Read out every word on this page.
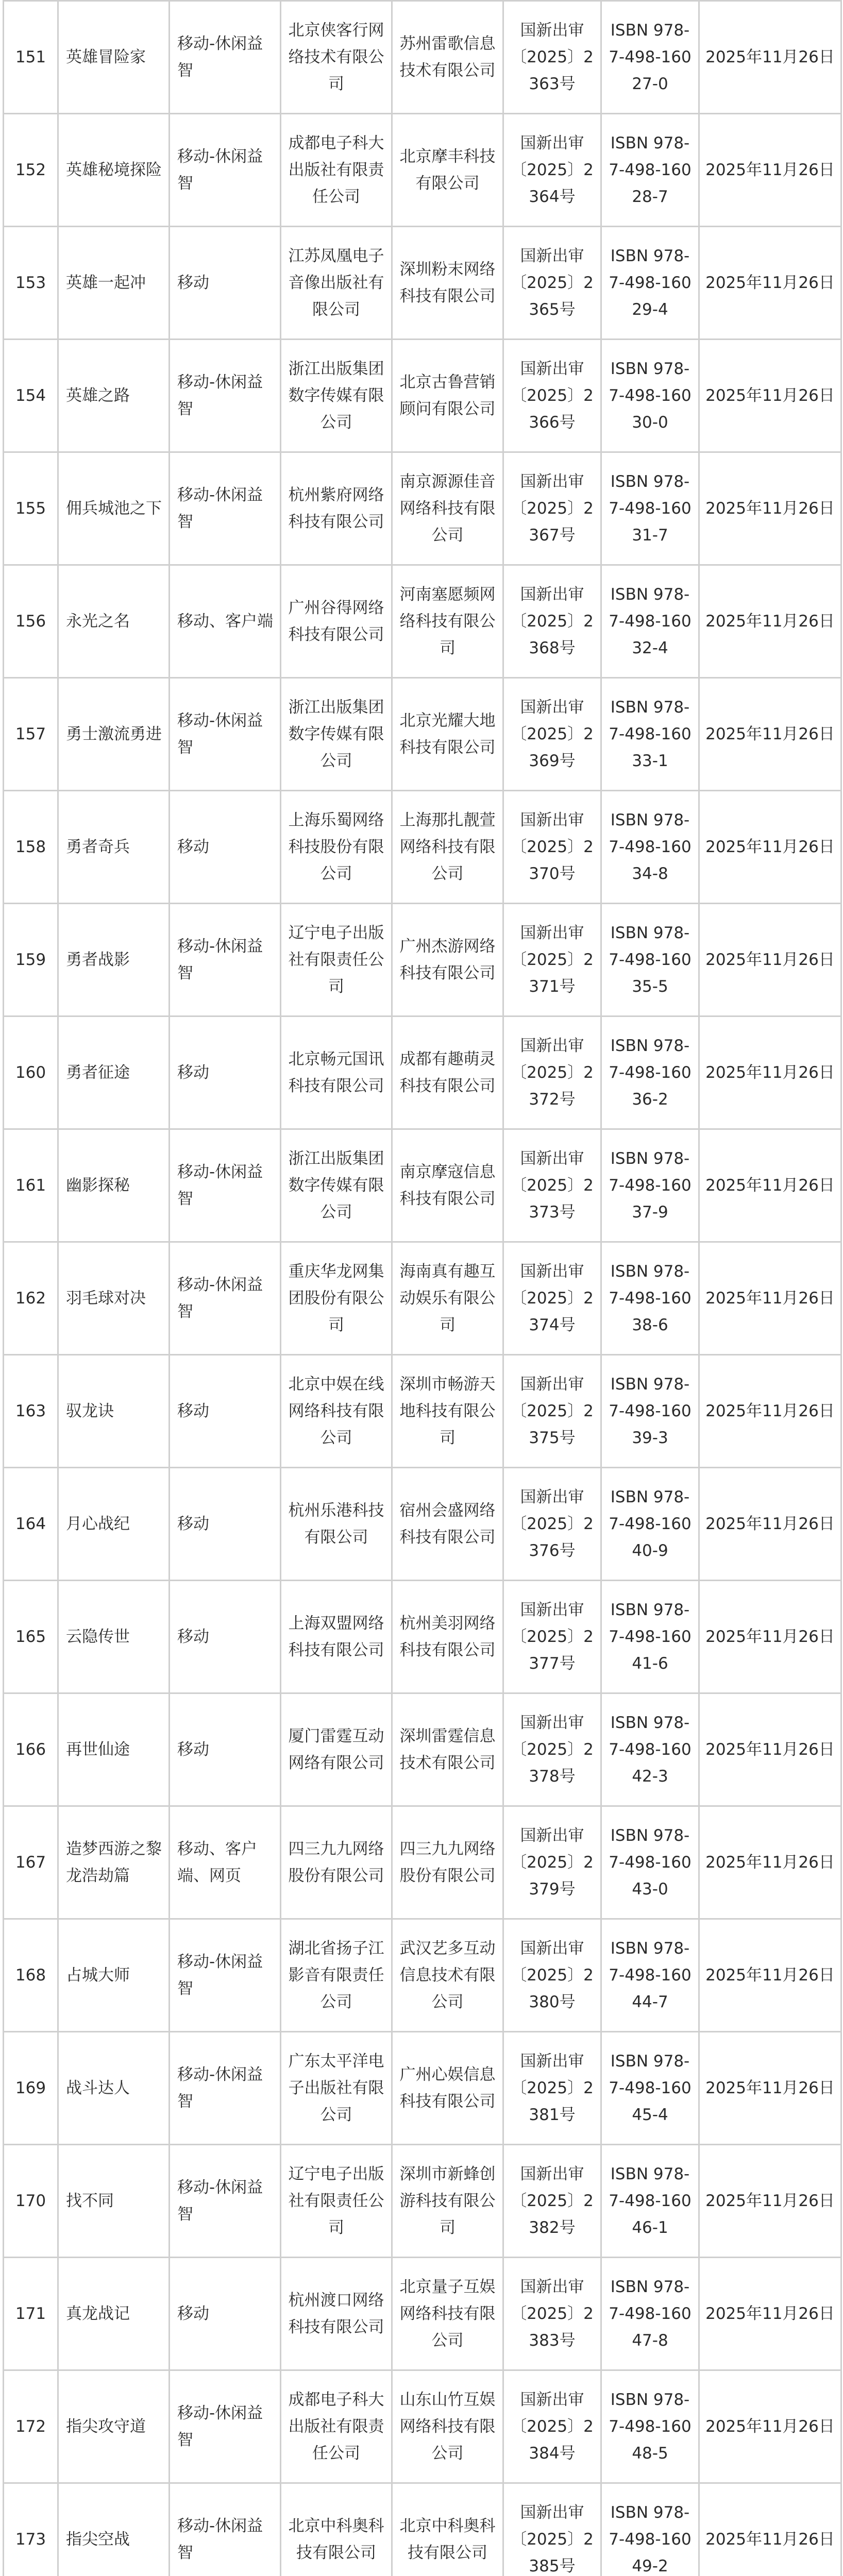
151	英雄冒险家	移动-休闲益智	北京侠客行网络技术有限公司	苏州雷歌信息技术有限公司	国新出审〔2025〕2363号	ISBN 978-7-498-16027-0	2025年11月26日
152	英雄秘境探险	移动-休闲益智	成都电子科大出版社有限责任公司	北京摩丰科技有限公司	国新出审〔2025〕2364号	ISBN 978-7-498-16028-7	2025年11月26日
153	英雄一起冲	移动	江苏凤凰电子音像出版社有限公司	深圳粉末网络科技有限公司	国新出审〔2025〕2365号	ISBN 978-7-498-16029-4	2025年11月26日
154	英雄之路	移动-休闲益智	浙江出版集团数字传媒有限公司	北京古鲁营销顾问有限公司	国新出审〔2025〕2366号	ISBN 978-7-498-16030-0	2025年11月26日
155	佣兵城池之下	移动-休闲益智	杭州紫府网络科技有限公司	南京源源佳音网络科技有限公司	国新出审〔2025〕2367号	ISBN 978-7-498-16031-7	2025年11月26日
156	永光之名	移动、客户端	广州谷得网络科技有限公司	河南塞愿频网络科技有限公司	国新出审〔2025〕2368号	ISBN 978-7-498-16032-4	2025年11月26日
157	勇士激流勇进	移动-休闲益智	浙江出版集团数字传媒有限公司	北京光耀大地科技有限公司	国新出审〔2025〕2369号	ISBN 978-7-498-16033-1	2025年11月26日
158	勇者奇兵	移动	上海乐蜀网络科技股份有限公司	上海那扎靓萱网络科技有限公司	国新出审〔2025〕2370号	ISBN 978-7-498-16034-8	2025年11月26日
159	勇者战影	移动-休闲益智	辽宁电子出版社有限责任公司	广州杰游网络科技有限公司	国新出审〔2025〕2371号	ISBN 978-7-498-16035-5	2025年11月26日
160	勇者征途	移动	北京畅元国讯科技有限公司	成都有趣萌灵科技有限公司	国新出审〔2025〕2372号	ISBN 978-7-498-16036-2	2025年11月26日
161	幽影探秘	移动-休闲益智	浙江出版集团数字传媒有限公司	南京摩寇信息科技有限公司	国新出审〔2025〕2373号	ISBN 978-7-498-16037-9	2025年11月26日
162	羽毛球对决	移动-休闲益智	重庆华龙网集团股份有限公司	海南真有趣互动娱乐有限公司	国新出审〔2025〕2374号	ISBN 978-7-498-16038-6	2025年11月26日
163	驭龙诀	移动	北京中娱在线网络科技有限公司	深圳市畅游天地科技有限公司	国新出审〔2025〕2375号	ISBN 978-7-498-16039-3	2025年11月26日
164	月心战纪	移动	杭州乐港科技有限公司	宿州会盛网络科技有限公司	国新出审〔2025〕2376号	ISBN 978-7-498-16040-9	2025年11月26日
165	云隐传世	移动	上海双盟网络科技有限公司	杭州美羽网络科技有限公司	国新出审〔2025〕2377号	ISBN 978-7-498-16041-6	2025年11月26日
166	再世仙途	移动	厦门雷霆互动网络有限公司	深圳雷霆信息技术有限公司	国新出审〔2025〕2378号	ISBN 978-7-498-16042-3	2025年11月26日
167	造梦西游之黎龙浩劫篇	移动、客户端、网页	四三九九网络股份有限公司	四三九九网络股份有限公司	国新出审〔2025〕2379号	ISBN 978-7-498-16043-0	2025年11月26日
168	占城大师	移动-休闲益智	湖北省扬子江影音有限责任公司	武汉艺多互动信息技术有限公司	国新出审〔2025〕2380号	ISBN 978-7-498-16044-7	2025年11月26日
169	战斗达人	移动-休闲益智	广东太平洋电子出版社有限公司	广州心娱信息科技有限公司	国新出审〔2025〕2381号	ISBN 978-7-498-16045-4	2025年11月26日
170	找不同	移动-休闲益智	辽宁电子出版社有限责任公司	深圳市新蜂创游科技有限公司	国新出审〔2025〕2382号	ISBN 978-7-498-16046-1	2025年11月26日
171	真龙战记	移动	杭州渡口网络科技有限公司	北京量子互娱网络科技有限公司	国新出审〔2025〕2383号	ISBN 978-7-498-16047-8	2025年11月26日
172	指尖攻守道	移动-休闲益智	成都电子科大出版社有限责任公司	山东山竹互娱网络科技有限公司	国新出审〔2025〕2384号	ISBN 978-7-498-16048-5	2025年11月26日
173	指尖空战	移动-休闲益智	北京中科奥科技有限公司	北京中科奥科技有限公司	国新出审〔2025〕2385号	ISBN 978-7-498-16049-2	2025年11月26日
